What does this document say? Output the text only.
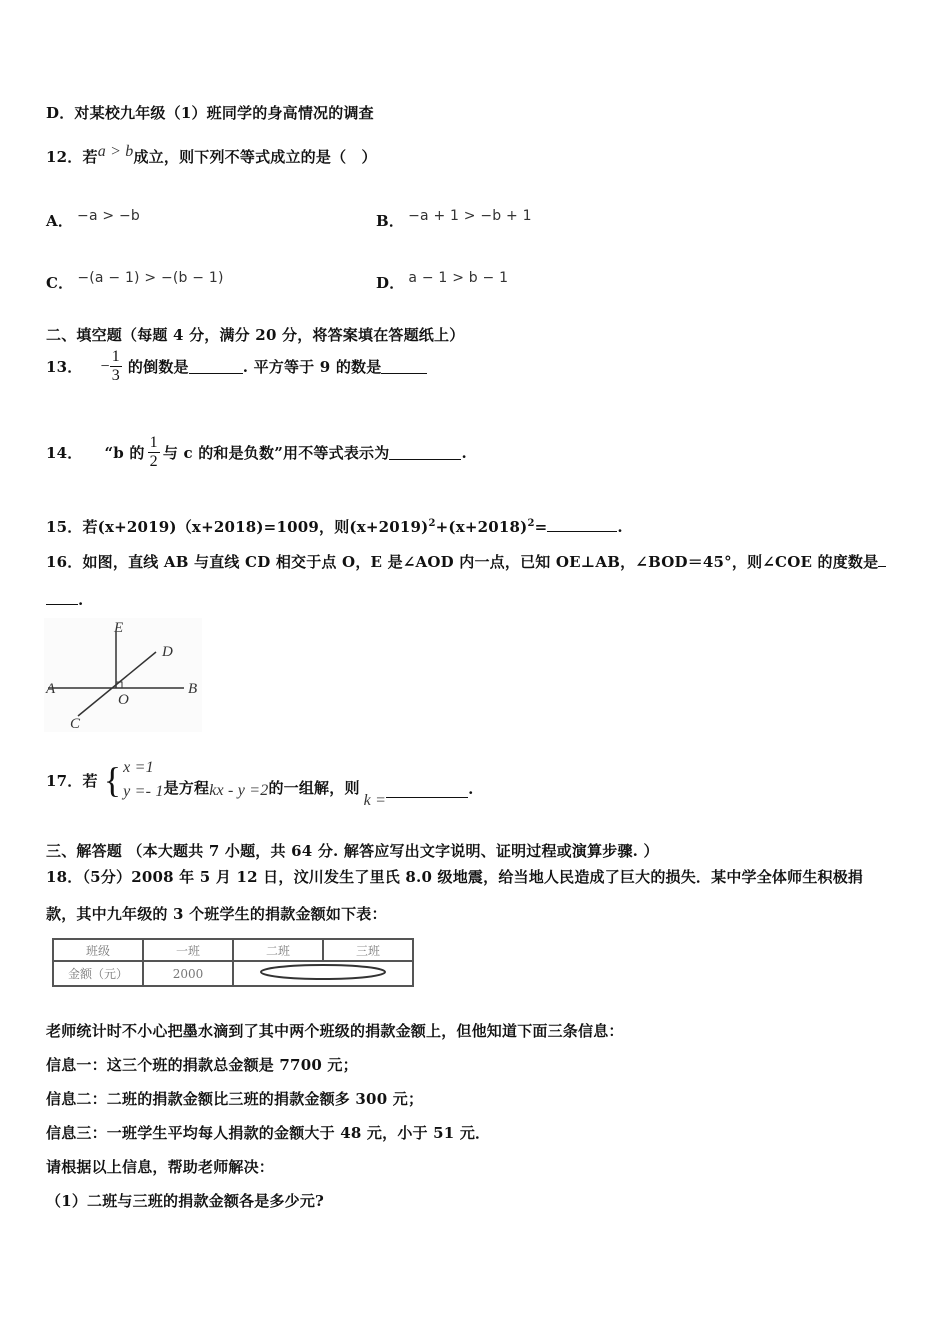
D．对某校九年级（1）班同学的身高情况的调查
12．若a > b成立，则下列不等式成立的是（　）
A． −a > −b	B． −a + 1 > −b + 1
C． −(a − 1) > −(b − 1)	D． a − 1 > b − 1
二、填空题（每题 4 分，满分 20 分，将答案填在答题纸上）
13． − $\frac{1}{3}$ 的倒数是	. 平方等于 9 的数是
14． “b 的 $\frac{1}{2}$ 与 c 的和是负数”用不等式表示为	.
15．若(x+2019)（x+2018)=1009，则$(x+2019)^2+(x+2018)^2=$	.
16．如图，直线 AB 与直线 CD 相交于点 O，E 是∠AOD 内一点，已知 OE⊥AB，∠BOD＝45°，则∠COE 的度数是
.
E
D
A
O
B
C
17．若 { x =1
y =- 1 是方程 kx - y =2 的一组解，则
k =
.
三、解答题 （本大题共 7 小题，共 64 分. 解答应写出文字说明、证明过程或演算步骤. ）
18．（5分）2008 年 5 月 12 日，汶川发生了里氏 8.0 级地震，给当地人民造成了巨大的损失．某中学全体师生积极捐
款，其中九年级的 3 个班学生的捐款金额如下表：
班级	一班	二班	三班
金额（元）	2000	
老师统计时不小心把墨水滴到了其中两个班级的捐款金额上，但他知道下面三条信息：
信息一：这三个班的捐款总金额是 7700 元；
信息二：二班的捐款金额比三班的捐款金额多 300 元；
信息三：一班学生平均每人捐款的金额大于 48 元，小于 51 元．
请根据以上信息，帮助老师解决：
（1）二班与三班的捐款金额各是多少元?
